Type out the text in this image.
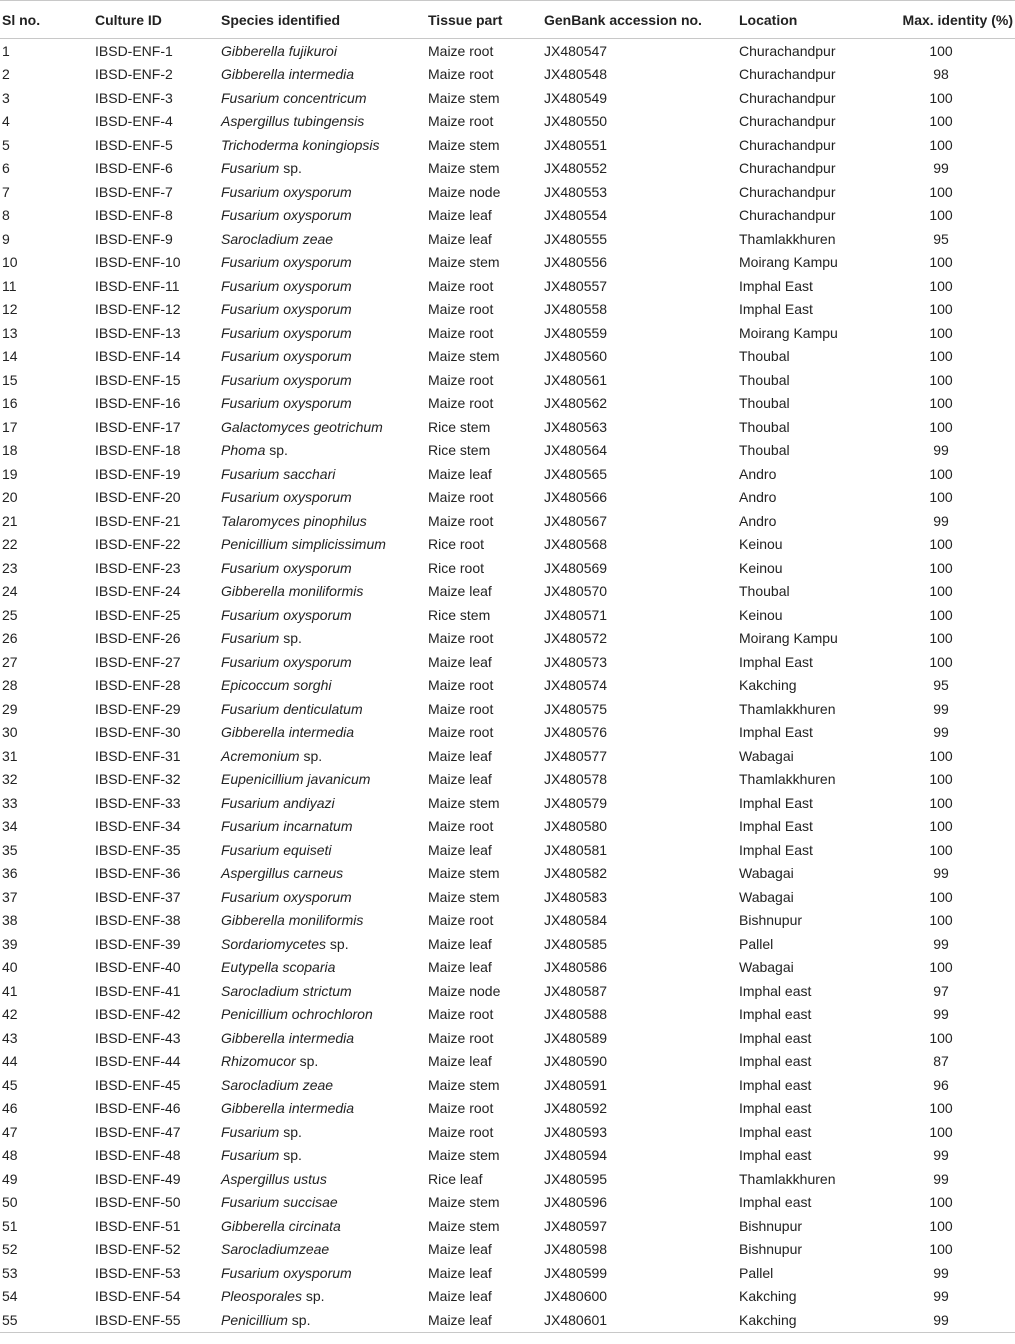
Sl no.	Culture ID	Species identified	Tissue part	GenBank accession no.	Location	Max. identity (%)
1	IBSD-ENF-1	Gibberella fujikuroi	Maize root	JX480547	Churachandpur	100
2	IBSD-ENF-2	Gibberella intermedia	Maize root	JX480548	Churachandpur	98
3	IBSD-ENF-3	Fusarium concentricum	Maize stem	JX480549	Churachandpur	100
4	IBSD-ENF-4	Aspergillus tubingensis	Maize root	JX480550	Churachandpur	100
5	IBSD-ENF-5	Trichoderma koningiopsis	Maize stem	JX480551	Churachandpur	100
6	IBSD-ENF-6	Fusarium sp.	Maize stem	JX480552	Churachandpur	99
7	IBSD-ENF-7	Fusarium oxysporum	Maize node	JX480553	Churachandpur	100
8	IBSD-ENF-8	Fusarium oxysporum	Maize leaf	JX480554	Churachandpur	100
9	IBSD-ENF-9	Sarocladium zeae	Maize leaf	JX480555	Thamlakkhuren	95
10	IBSD-ENF-10	Fusarium oxysporum	Maize stem	JX480556	Moirang Kampu	100
11	IBSD-ENF-11	Fusarium oxysporum	Maize root	JX480557	Imphal East	100
12	IBSD-ENF-12	Fusarium oxysporum	Maize root	JX480558	Imphal East	100
13	IBSD-ENF-13	Fusarium oxysporum	Maize root	JX480559	Moirang Kampu	100
14	IBSD-ENF-14	Fusarium oxysporum	Maize stem	JX480560	Thoubal	100
15	IBSD-ENF-15	Fusarium oxysporum	Maize root	JX480561	Thoubal	100
16	IBSD-ENF-16	Fusarium oxysporum	Maize root	JX480562	Thoubal	100
17	IBSD-ENF-17	Galactomyces geotrichum	Rice stem	JX480563	Thoubal	100
18	IBSD-ENF-18	Phoma sp.	Rice stem	JX480564	Thoubal	99
19	IBSD-ENF-19	Fusarium sacchari	Maize leaf	JX480565	Andro	100
20	IBSD-ENF-20	Fusarium oxysporum	Maize root	JX480566	Andro	100
21	IBSD-ENF-21	Talaromyces pinophilus	Maize root	JX480567	Andro	99
22	IBSD-ENF-22	Penicillium simplicissimum	Rice root	JX480568	Keinou	100
23	IBSD-ENF-23	Fusarium oxysporum	Rice root	JX480569	Keinou	100
24	IBSD-ENF-24	Gibberella moniliformis	Maize leaf	JX480570	Thoubal	100
25	IBSD-ENF-25	Fusarium oxysporum	Rice stem	JX480571	Keinou	100
26	IBSD-ENF-26	Fusarium sp.	Maize root	JX480572	Moirang Kampu	100
27	IBSD-ENF-27	Fusarium oxysporum	Maize leaf	JX480573	Imphal East	100
28	IBSD-ENF-28	Epicoccum sorghi	Maize root	JX480574	Kakching	95
29	IBSD-ENF-29	Fusarium denticulatum	Maize root	JX480575	Thamlakkhuren	99
30	IBSD-ENF-30	Gibberella intermedia	Maize root	JX480576	Imphal East	99
31	IBSD-ENF-31	Acremonium sp.	Maize leaf	JX480577	Wabagai	100
32	IBSD-ENF-32	Eupenicillium javanicum	Maize leaf	JX480578	Thamlakkhuren	100
33	IBSD-ENF-33	Fusarium andiyazi	Maize stem	JX480579	Imphal East	100
34	IBSD-ENF-34	Fusarium incarnatum	Maize root	JX480580	Imphal East	100
35	IBSD-ENF-35	Fusarium equiseti	Maize leaf	JX480581	Imphal East	100
36	IBSD-ENF-36	Aspergillus carneus	Maize stem	JX480582	Wabagai	99
37	IBSD-ENF-37	Fusarium oxysporum	Maize stem	JX480583	Wabagai	100
38	IBSD-ENF-38	Gibberella moniliformis	Maize root	JX480584	Bishnupur	100
39	IBSD-ENF-39	Sordariomycetes sp.	Maize leaf	JX480585	Pallel	99
40	IBSD-ENF-40	Eutypella scoparia	Maize leaf	JX480586	Wabagai	100
41	IBSD-ENF-41	Sarocladium strictum	Maize node	JX480587	Imphal east	97
42	IBSD-ENF-42	Penicillium ochrochloron	Maize root	JX480588	Imphal east	99
43	IBSD-ENF-43	Gibberella intermedia	Maize root	JX480589	Imphal east	100
44	IBSD-ENF-44	Rhizomucor sp.	Maize leaf	JX480590	Imphal east	87
45	IBSD-ENF-45	Sarocladium zeae	Maize stem	JX480591	Imphal east	96
46	IBSD-ENF-46	Gibberella intermedia	Maize root	JX480592	Imphal east	100
47	IBSD-ENF-47	Fusarium sp.	Maize root	JX480593	Imphal east	100
48	IBSD-ENF-48	Fusarium sp.	Maize stem	JX480594	Imphal east	99
49	IBSD-ENF-49	Aspergillus ustus	Rice leaf	JX480595	Thamlakkhuren	99
50	IBSD-ENF-50	Fusarium succisae	Maize stem	JX480596	Imphal east	100
51	IBSD-ENF-51	Gibberella circinata	Maize stem	JX480597	Bishnupur	100
52	IBSD-ENF-52	Sarocladiumzeae	Maize leaf	JX480598	Bishnupur	100
53	IBSD-ENF-53	Fusarium oxysporum	Maize leaf	JX480599	Pallel	99
54	IBSD-ENF-54	Pleosporales sp.	Maize leaf	JX480600	Kakching	99
55	IBSD-ENF-55	Penicillium sp.	Maize leaf	JX480601	Kakching	99
